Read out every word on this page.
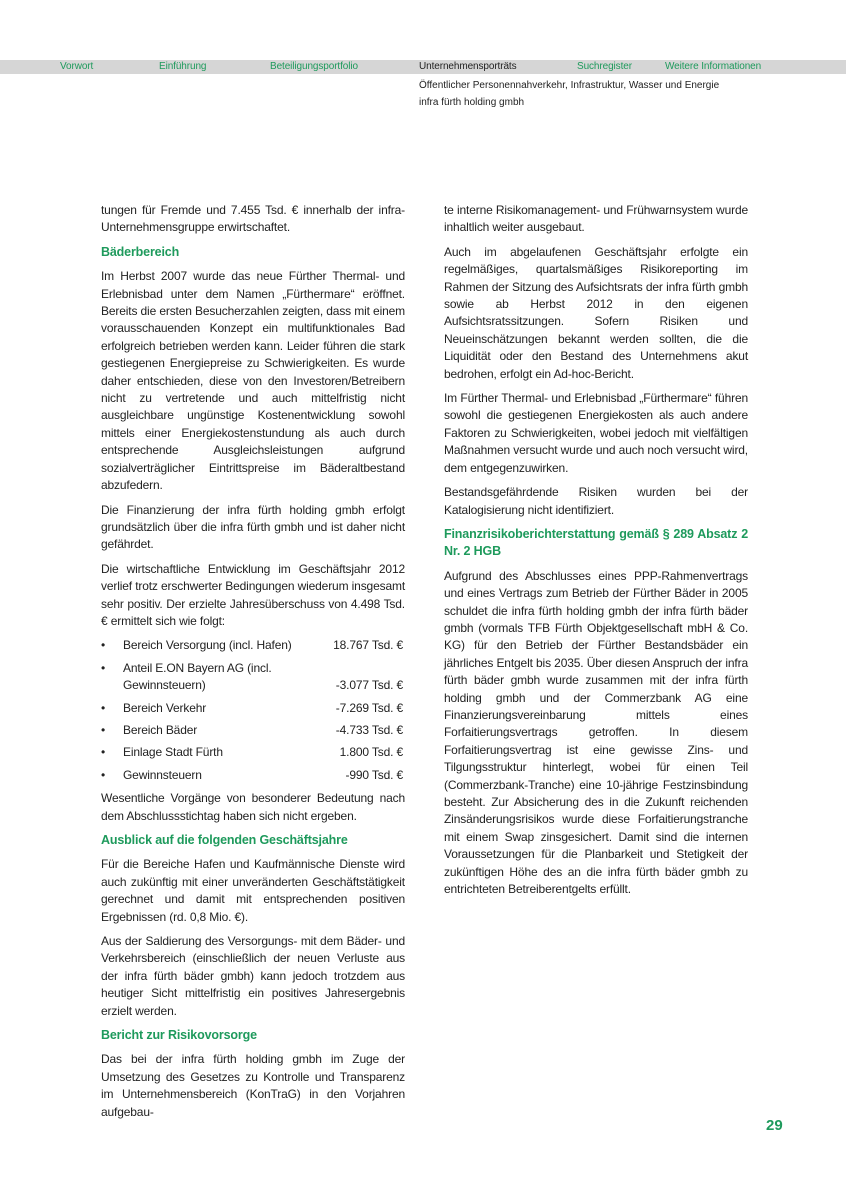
Vorwort	Einführung	Beteiligungsportfolio	Unternehmensporträts	Suchregister	Weitere Informationen
Öffentlicher Personennahverkehr, Infrastruktur, Wasser und Energie
infra fürth holding gmbh

tungen für Fremde und 7.455 Tsd. € innerhalb der infra-Unternehmensgruppe erwirtschaftet.

Bäderbereich

Im Herbst 2007 wurde das neue Fürther Thermal- und Erlebnisbad unter dem Namen „Fürthermare“ eröffnet. Bereits die ersten Besucherzahlen zeigten, dass mit einem vorausschauenden Konzept ein multifunktionales Bad erfolgreich betrieben werden kann. Leider führen die stark gestiegenen Energiepreise zu Schwierigkeiten. Es wurde daher entschieden, diese von den Investoren/Betreibern nicht zu vertretende und auch mittelfristig nicht ausgleichbare ungünstige Kostenentwicklung sowohl mittels einer Energiekostenstundung als auch durch entsprechende Ausgleichsleistungen aufgrund sozialverträglicher Eintrittspreise im Bäderaltbestand abzufedern.

Die Finanzierung der infra fürth holding gmbh erfolgt grundsätzlich über die infra fürth gmbh und ist daher nicht gefährdet.

Die wirtschaftliche Entwicklung im Geschäftsjahr 2012 verlief trotz erschwerter Bedingungen wiederum insgesamt sehr positiv. Der erzielte Jahresüberschuss von 4.498 Tsd. € ermittelt sich wie folgt:

•	Bereich Versorgung (incl. Hafen)	18.767 Tsd. €
•	Anteil E.ON Bayern AG (incl. Gewinnsteuern)	-3.077 Tsd. €
•	Bereich Verkehr	-7.269 Tsd. €
•	Bereich Bäder	-4.733 Tsd. €
•	Einlage Stadt Fürth	1.800 Tsd. €
•	Gewinnsteuern	-990 Tsd. €

Wesentliche Vorgänge von besonderer Bedeutung nach dem Abschlussstichtag haben sich nicht ergeben.

Ausblick auf die folgenden Geschäftsjahre

Für die Bereiche Hafen und Kaufmännische Dienste wird auch zukünftig mit einer unveränderten Geschäftstätigkeit gerechnet und damit mit entsprechenden positiven Ergebnissen (rd. 0,8 Mio. €).

Aus der Saldierung des Versorgungs- mit dem Bäder- und Verkehrsbereich (einschließlich der neuen Verluste aus der infra fürth bäder gmbh) kann jedoch trotzdem aus heutiger Sicht mittelfristig ein positives Jahresergebnis erzielt werden.

Bericht zur Risikovorsorge

Das bei der infra fürth holding gmbh im Zuge der Umsetzung des Gesetzes zu Kontrolle und Transparenz im Unternehmensbereich (KonTraG) in den Vorjahren aufgebau-

te interne Risikomanagement- und Frühwarnsystem wurde inhaltlich weiter ausgebaut.

Auch im abgelaufenen Geschäftsjahr erfolgte ein regelmäßiges, quartalsmäßiges Risikoreporting im Rahmen der Sitzung des Aufsichtsrats der infra fürth gmbh sowie ab Herbst 2012 in den eigenen Aufsichtsratssitzungen. Sofern Risiken und Neueinschätzungen bekannt werden sollten, die die Liquidität oder den Bestand des Unternehmens akut bedrohen, erfolgt ein Ad-hoc-Bericht.

Im Fürther Thermal- und Erlebnisbad „Fürthermare“ führen sowohl die gestiegenen Energiekosten als auch andere Faktoren zu Schwierigkeiten, wobei jedoch mit vielfältigen Maßnahmen versucht wurde und auch noch versucht wird, dem entgegenzuwirken.

Bestandsgefährdende Risiken wurden bei der Katalogisierung nicht identifiziert.

Finanzrisikoberichterstattung gemäß § 289 Absatz 2 Nr. 2 HGB

Aufgrund des Abschlusses eines PPP-Rahmenvertrags und eines Vertrags zum Betrieb der Fürther Bäder in 2005 schuldet die infra fürth holding gmbh der infra fürth bäder gmbh (vormals TFB Fürth Objektgesellschaft mbH & Co. KG) für den Betrieb der Fürther Bestandsbäder ein jährliches Entgelt bis 2035. Über diesen Anspruch der infra fürth bäder gmbh wurde zusammen mit der infra fürth holding gmbh und der Commerzbank AG eine Finanzierungsvereinbarung mittels eines Forfaitierungsvertrags getroffen. In diesem Forfaitierungsvertrag ist eine gewisse Zins- und Tilgungsstruktur hinterlegt, wobei für einen Teil (Commerzbank-Tranche) eine 10-jährige Festzinsbindung besteht. Zur Absicherung des in die Zukunft reichenden Zinsänderungsrisikos wurde diese Forfaitierungstranche mit einem Swap zinsgesichert. Damit sind die internen Voraussetzungen für die Planbarkeit und Stetigkeit der zukünftigen Höhe des an die infra fürth bäder gmbh zu entrichteten Betreiberentgelts erfüllt.

29
